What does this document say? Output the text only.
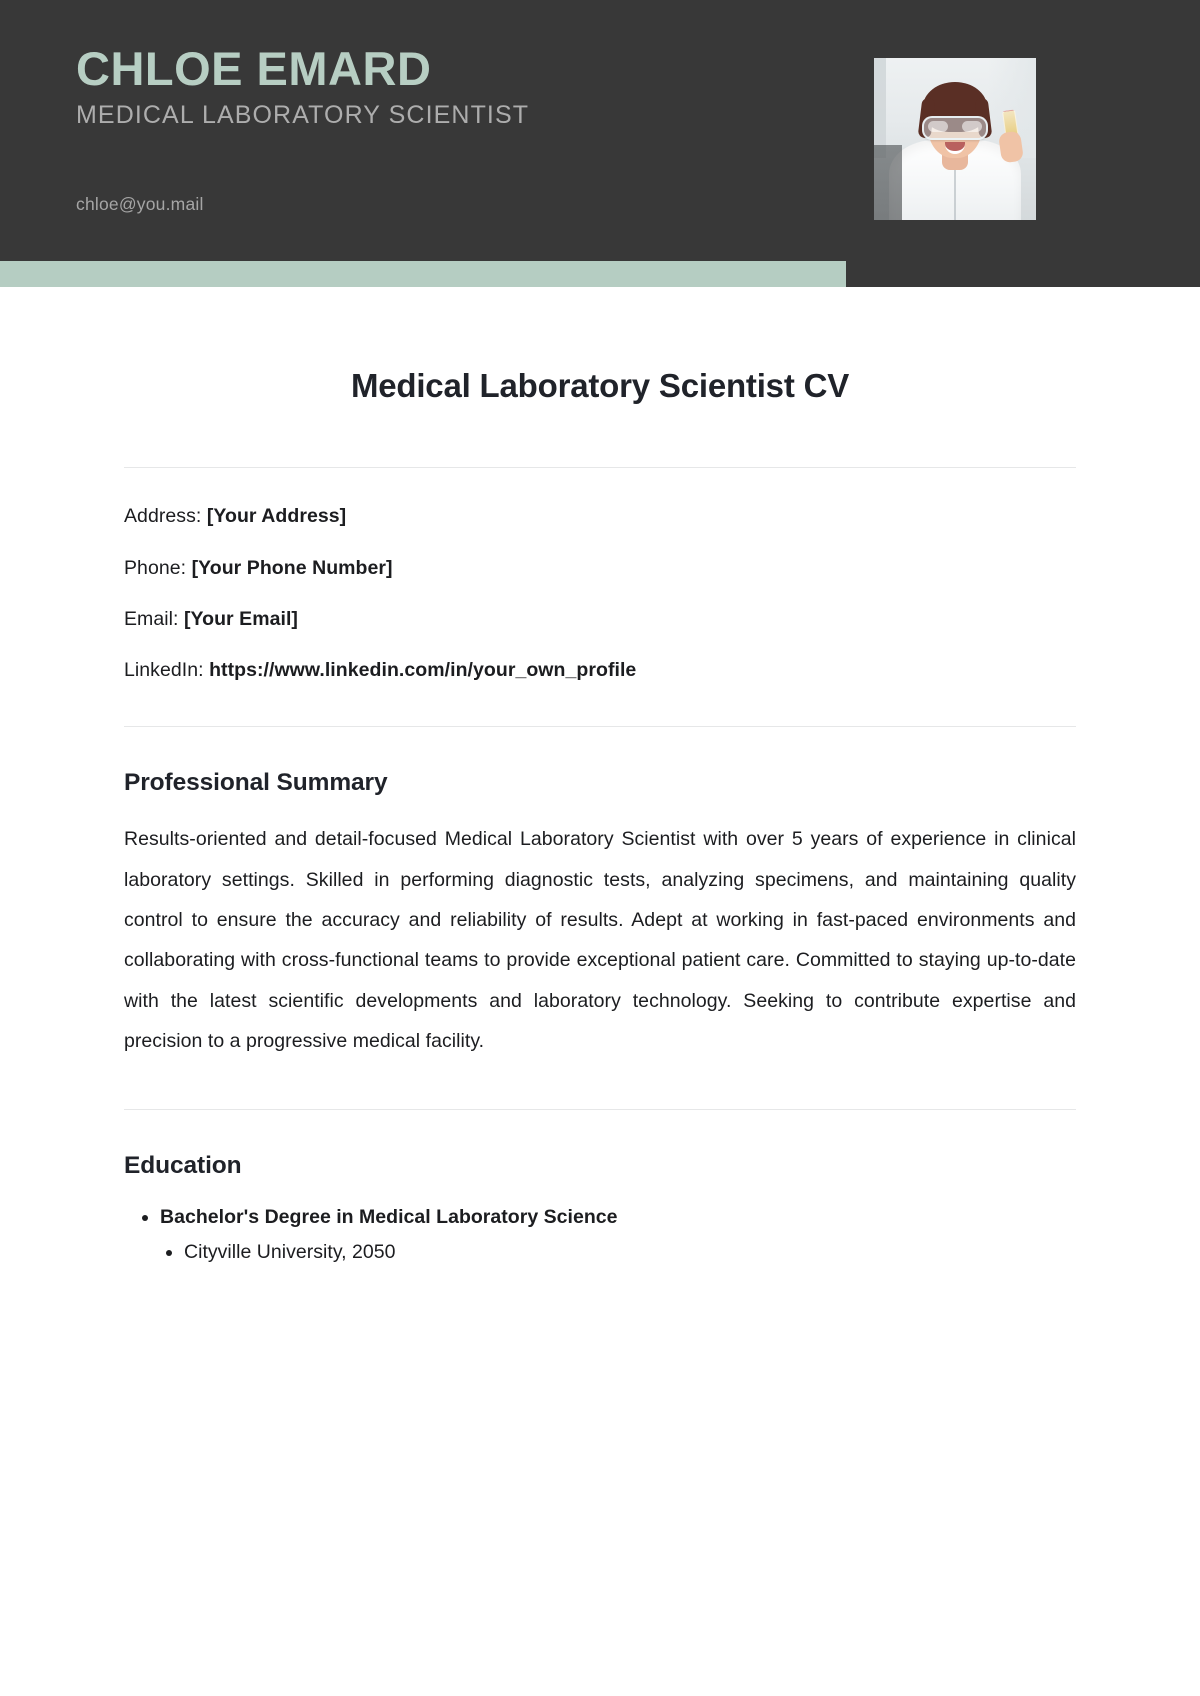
CHLOE EMARD
MEDICAL LABORATORY SCIENTIST
chloe@you.mail
Medical Laboratory Scientist CV
Address: [Your Address]
Phone: [Your Phone Number]
Email: [Your Email]
LinkedIn: https://www.linkedin.com/in/your_own_profile
Professional Summary

Results-oriented and detail-focused Medical Laboratory Scientist with over 5 years of experience in clinical laboratory settings. Skilled in performing diagnostic tests, analyzing specimens, and maintaining quality control to ensure the accuracy and reliability of results. Adept at working in fast-paced environments and collaborating with cross-functional teams to provide exceptional patient care. Committed to staying up-to-date with the latest scientific developments and laboratory technology. Seeking to contribute expertise and precision to a progressive medical facility.

Education
• Bachelor's Degree in Medical Laboratory Science
• Cityville University, 2050
